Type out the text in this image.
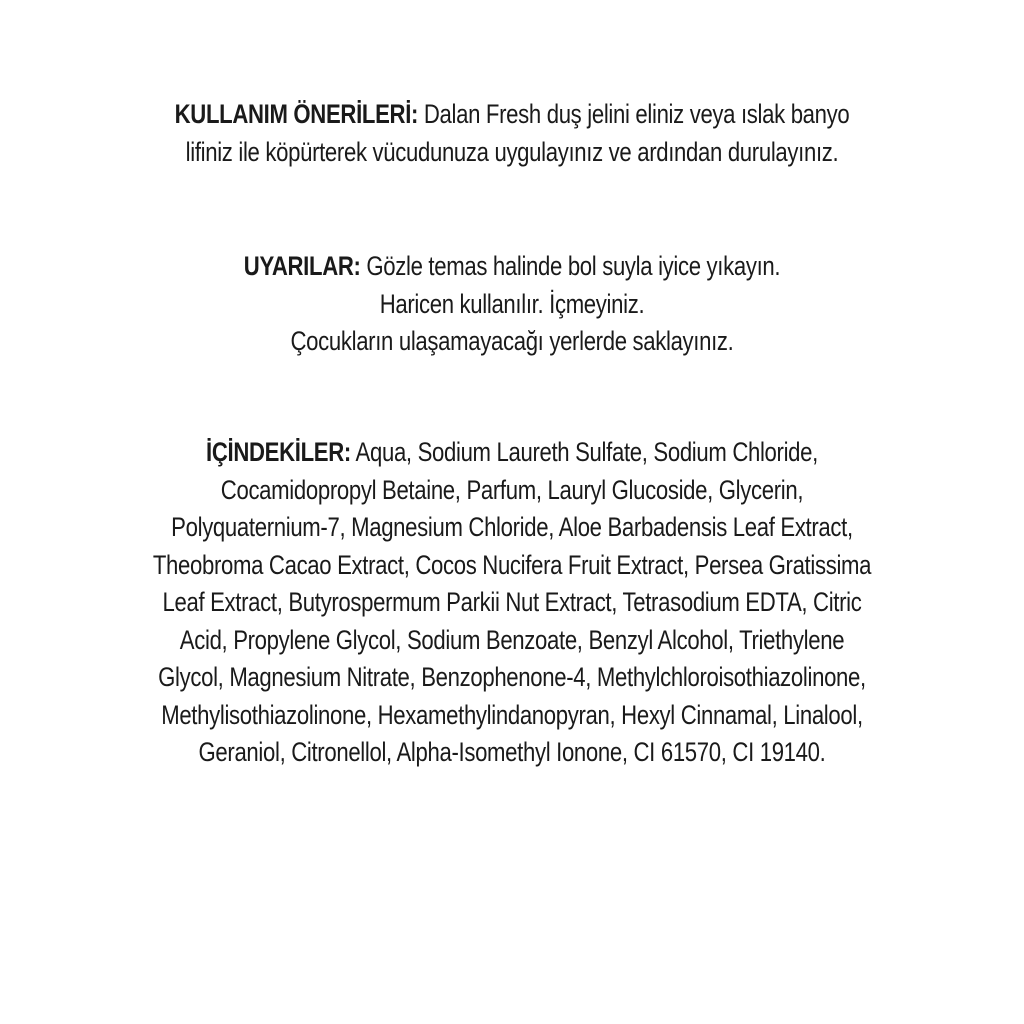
KULLANIM ÖNERİLERİ: Dalan Fresh duş jelini eliniz veya ıslak banyo

lifiniz ile köpürterek vücudunuza uygulayınız ve ardından durulayınız.

UYARILAR: Gözle temas halinde bol suyla iyice yıkayın.

Haricen kullanılır. İçmeyiniz.

Çocukların ulaşamayacağı yerlerde saklayınız.

İÇİNDEKİLER: Aqua, Sodium Laureth Sulfate, Sodium Chloride,

Cocamidopropyl Betaine, Parfum, Lauryl Glucoside, Glycerin,

Polyquaternium-7, Magnesium Chloride, Aloe Barbadensis Leaf Extract,

Theobroma Cacao Extract, Cocos Nucifera Fruit Extract, Persea Gratissima

Leaf Extract, Butyrospermum Parkii Nut Extract, Tetrasodium EDTA, Citric

Acid, Propylene Glycol, Sodium Benzoate, Benzyl Alcohol, Triethylene

Glycol, Magnesium Nitrate, Benzophenone-4, Methylchloroisothiazolinone,

Methylisothiazolinone, Hexamethylindanopyran, Hexyl Cinnamal, Linalool,

Geraniol, Citronellol, Alpha-Isomethyl Ionone, CI 61570, CI 19140.
